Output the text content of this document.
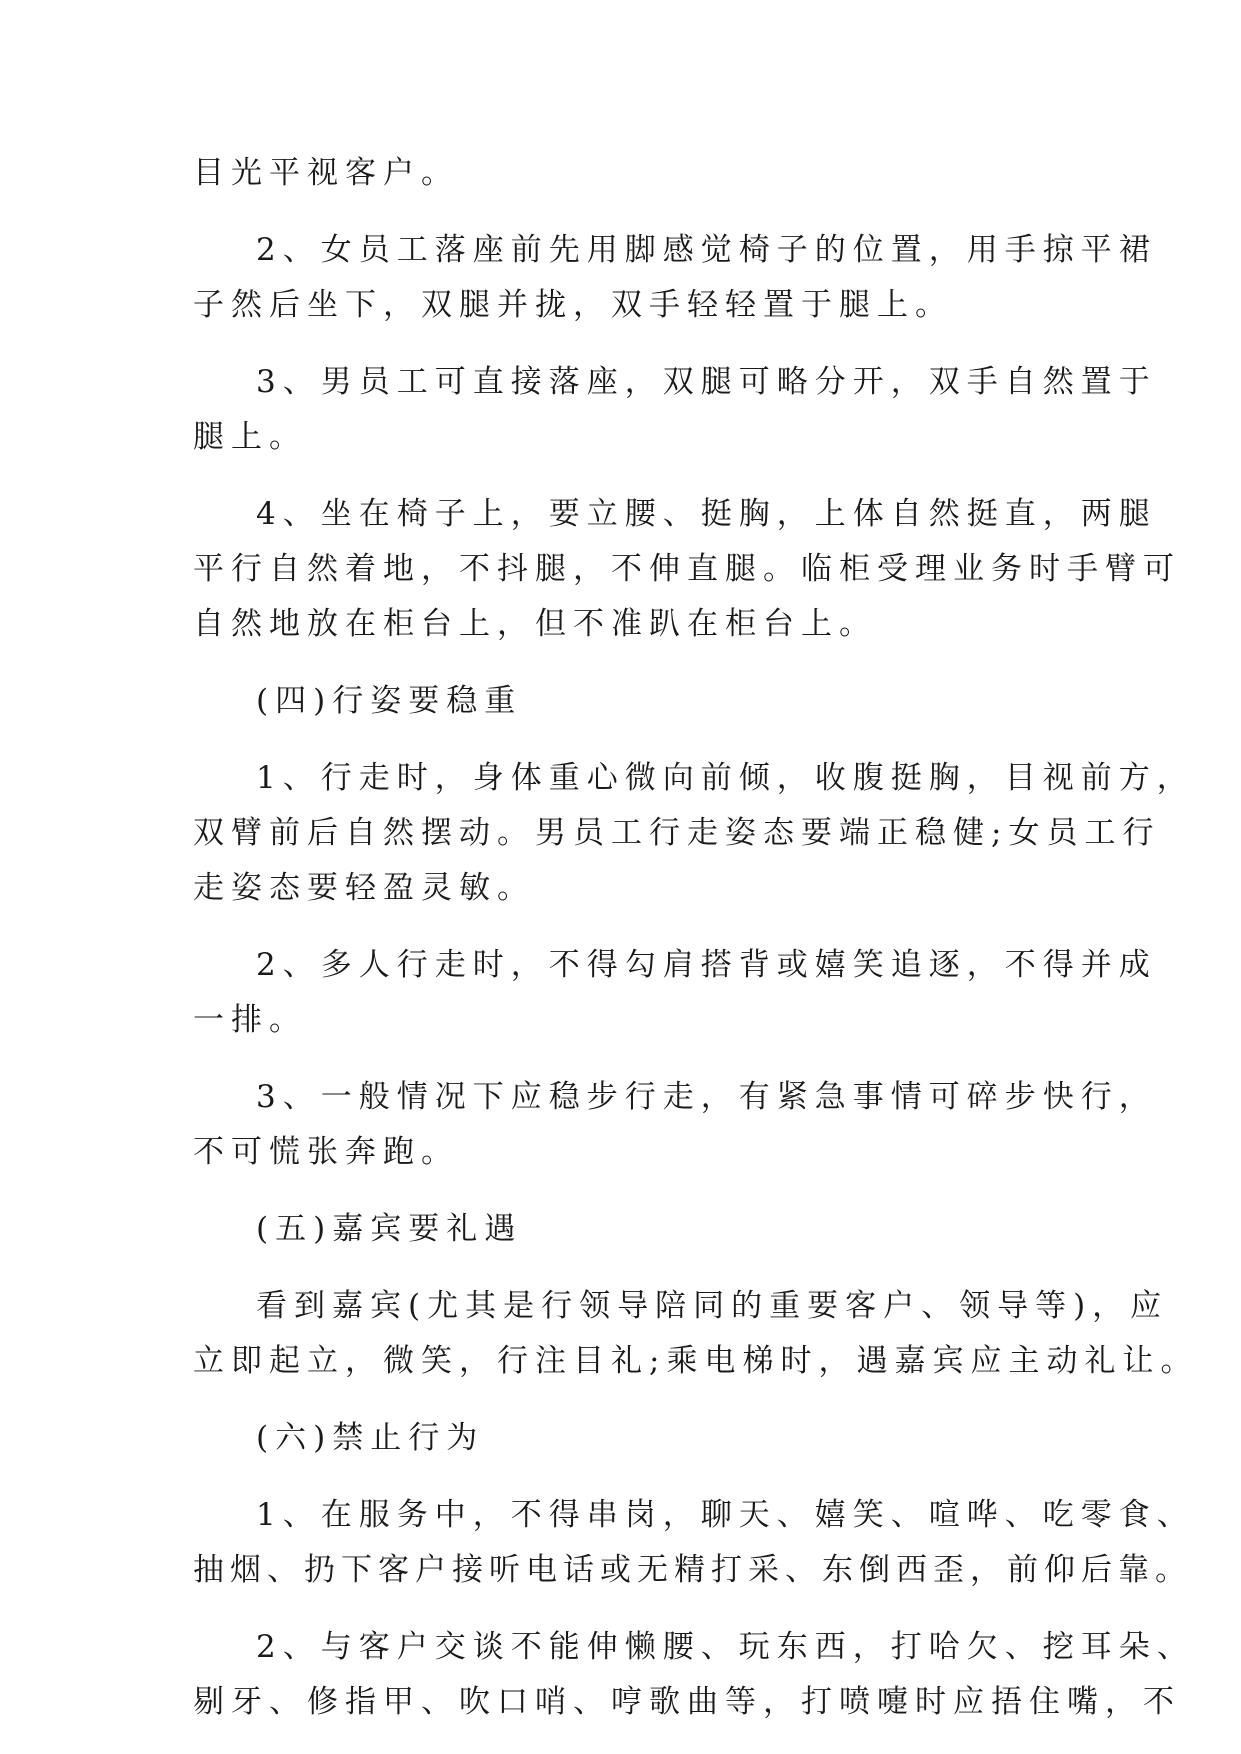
目光平视客户。
2、女员工落座前先用脚感觉椅子的位置，用手掠平裙
子然后坐下，双腿并拢，双手轻轻置于腿上。
3、男员工可直接落座，双腿可略分开，双手自然置于
腿上。
4、坐在椅子上，要立腰、挺胸，上体自然挺直，两腿
平行自然着地，不抖腿，不伸直腿。临柜受理业务时手臂可
自然地放在柜台上，但不准趴在柜台上。
(四)行姿要稳重
1、行走时，身体重心微向前倾，收腹挺胸，目视前方，
双臂前后自然摆动。男员工行走姿态要端正稳健;女员工行
走姿态要轻盈灵敏。
2、多人行走时，不得勾肩搭背或嬉笑追逐，不得并成
一排。
3、一般情况下应稳步行走，有紧急事情可碎步快行，
不可慌张奔跑。
(五)嘉宾要礼遇
看到嘉宾(尤其是行领导陪同的重要客户、领导等)，应
立即起立，微笑，行注目礼;乘电梯时，遇嘉宾应主动礼让。
(六)禁止行为
1、在服务中，不得串岗，聊天、嬉笑、喧哗、吃零食、
抽烟、扔下客户接听电话或无精打采、东倒西歪，前仰后靠。
2、与客户交谈不能伸懒腰、玩东西，打哈欠、挖耳朵、
剔牙、修指甲、吹口哨、哼歌曲等，打喷嚏时应捂住嘴，不
